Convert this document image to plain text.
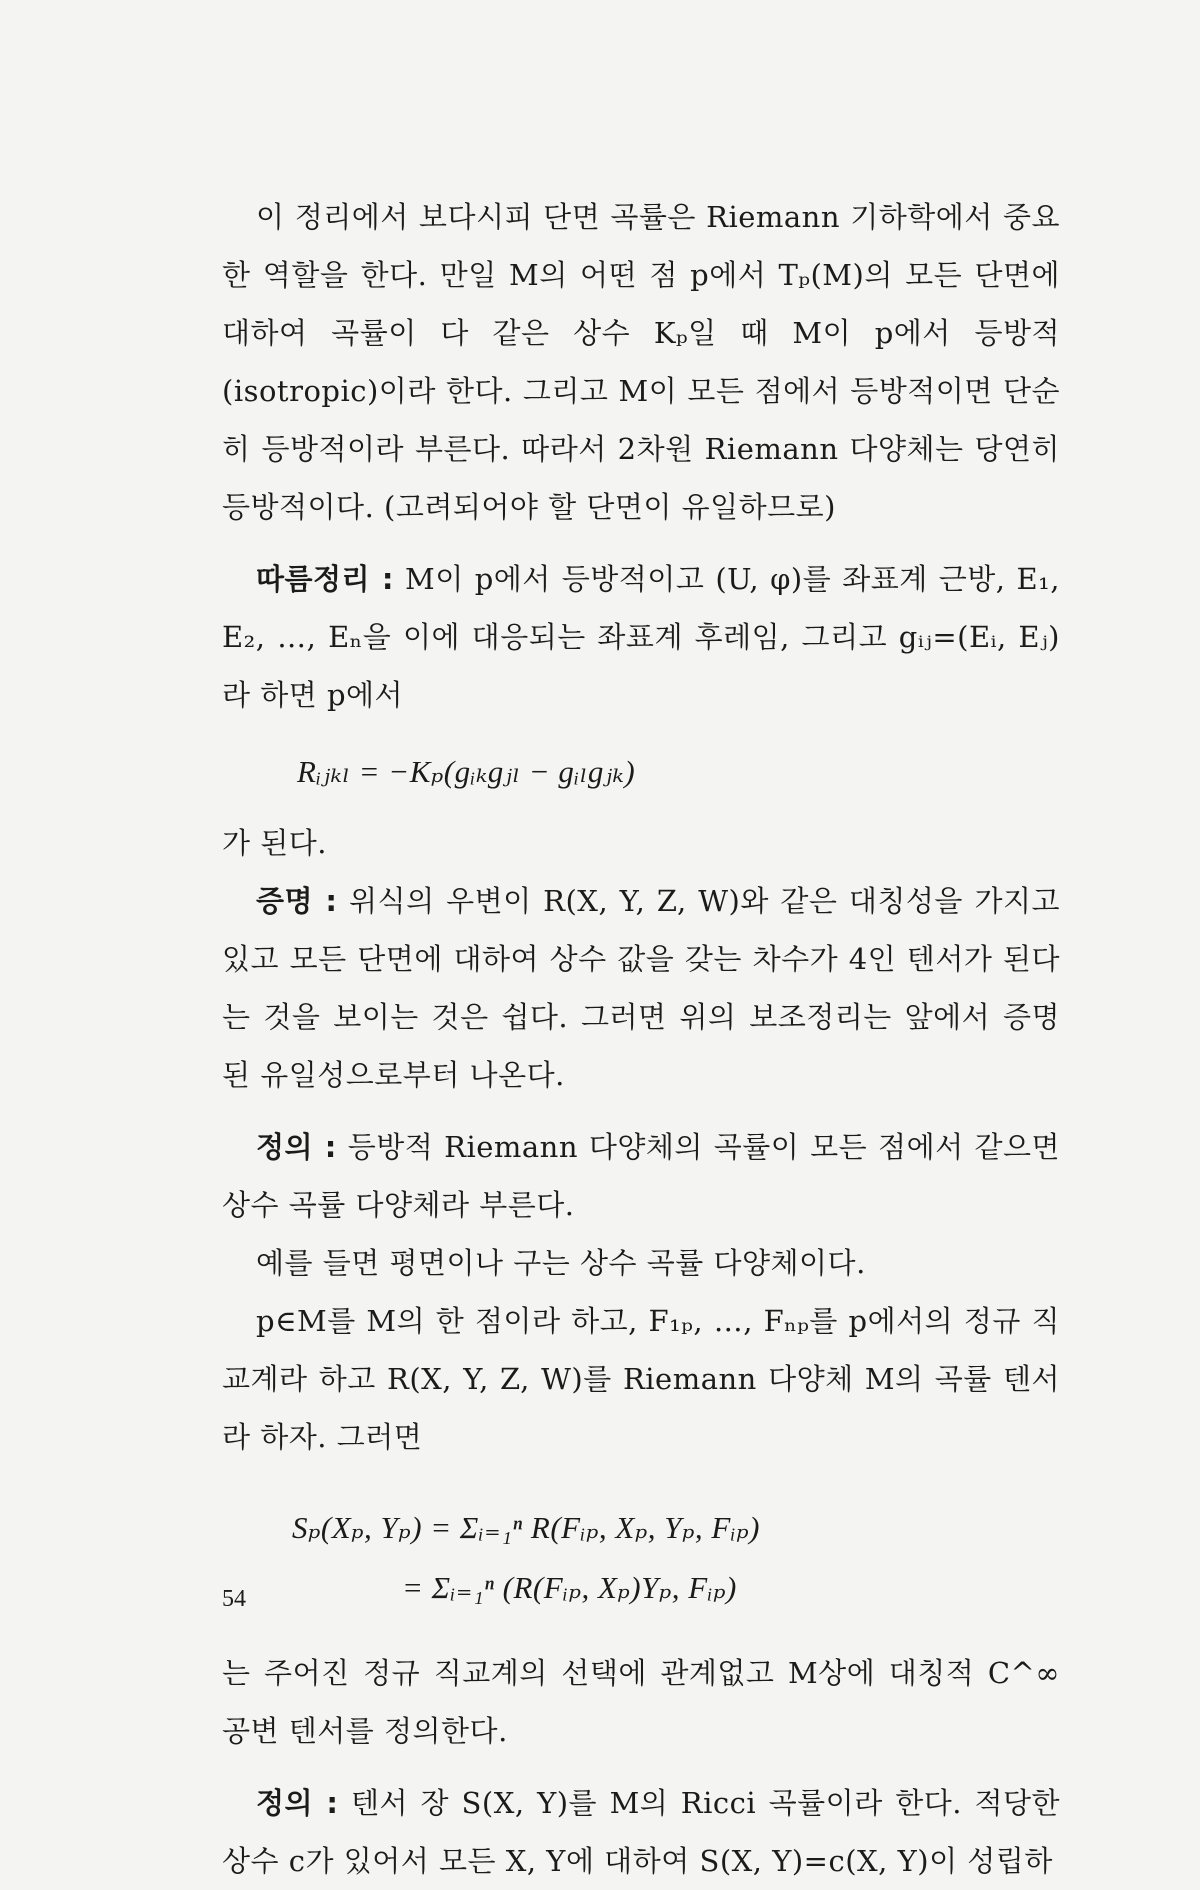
이 정리에서 보다시피 단면 곡률은 Riemann 기하학에서 중요한 역할을 한다. 만일 M의 어떤 점 p에서 Tₚ(M)의 모든 단면에 대하여 곡률이 다 같은 상수 Kₚ일 때 M이 p에서 등방적(isotropic)이라 한다. 그리고 M이 모든 점에서 등방적이면 단순히 등방적이라 부른다. 따라서 2차원 Riemann 다양체는 당연히 등방적이다. (고려되어야 할 단면이 유일하므로)

따름정리 : M이 p에서 등방적이고 (U, φ)를 좌표계 근방, E₁, E₂, …, Eₙ을 이에 대응되는 좌표계 후레임, 그리고 gᵢⱼ=(Eᵢ, Eⱼ)라 하면 p에서

Rᵢⱼₖₗ = −Kₚ(gᵢₖgⱼₗ − gᵢₗgⱼₖ)

가 된다.

증명 : 위식의 우변이 R(X, Y, Z, W)와 같은 대칭성을 가지고 있고 모든 단면에 대하여 상수 값을 갖는 차수가 4인 텐서가 된다는 것을 보이는 것은 쉽다. 그러면 위의 보조정리는 앞에서 증명된 유일성으로부터 나온다.

정의 : 등방적 Riemann 다양체의 곡률이 모든 점에서 같으면 상수 곡률 다양체라 부른다.

예를 들면 평면이나 구는 상수 곡률 다양체이다.

p∈M를 M의 한 점이라 하고, F₁ₚ, …, Fₙₚ를 p에서의 정규 직교계라 하고 R(X, Y, Z, W)를 Riemann 다양체 M의 곡률 텐서라 하자. 그러면

Sₚ(Xₚ, Yₚ) = Σᵢ₌₁ⁿ R(Fᵢₚ, Xₚ, Yₚ, Fᵢₚ)

= Σᵢ₌₁ⁿ (R(Fᵢₚ, Xₚ)Yₚ, Fᵢₚ)

는 주어진 정규 직교계의 선택에 관계없고 M상에 대칭적 C^∞ 공변 텐서를 정의한다.

정의 : 텐서 장 S(X, Y)를 M의 Ricci 곡률이라 한다. 적당한 상수 c가 있어서 모든 X, Y에 대하여 S(X, Y)=c(X, Y)이 성립하

54
